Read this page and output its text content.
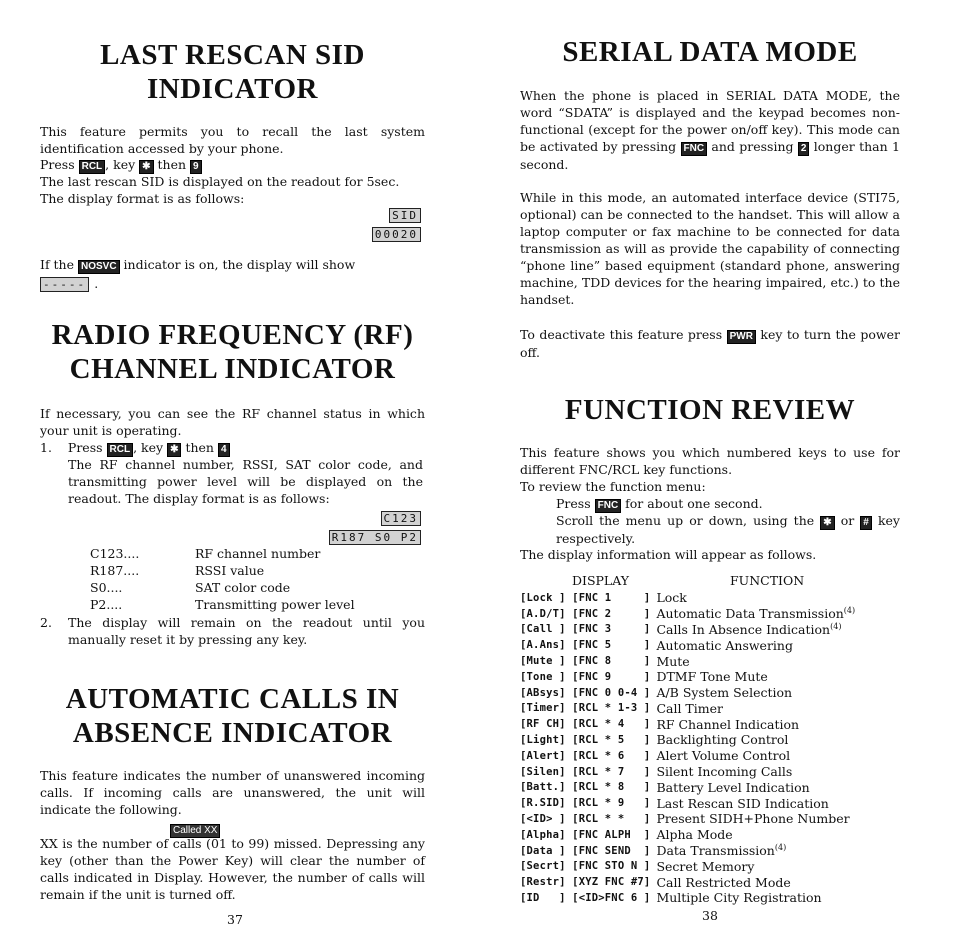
LAST RESCAN SID INDICATOR

This feature permits you to recall the last system identification accessed by your phone.

Press RCL , key ✱ then 9

The last rescan SID is displayed on the readout for 5sec. The display format is as follows:

SID
00020
If the NOSVC indicator is on, the display will show
----- .
RADIO FREQUENCY (RF) CHANNEL INDICATOR

If necessary, you can see the RF channel status in which your unit is operating.

1. Press RCL , key ✱ then 4

The RF channel number, RSSI, SAT color code, and transmitting power level will be displayed on the readout. The display format is as follows:

C123
R187 S0 P2
C123....	RF channel number
R187....	RSSI value
S0....	SAT color code
P2....	Transmitting power level
2. The display will remain on the readout until you manually reset it by pressing any key.

AUTOMATIC CALLS IN ABSENCE INDICATOR

This feature indicates the number of unanswered incoming calls. If incoming calls are unanswered, the unit will indicate the following.

Called XX

XX is the number of calls (01 to 99) missed. Depressing any key (other than the Power Key) will clear the number of calls indicated in Display. However, the number of calls will remain if the unit is turned off.

37
SERIAL DATA MODE
When the phone is placed in SERIAL DATA MODE, the word “SDATA” is displayed and the keypad becomes non-functional (except for the power on/off key). This mode can be activated by pressing FNC and pressing 2 longer than 1 second.

While in this mode, an automated interface device (STI75, optional) can be connected to the handset. This will allow a laptop computer or fax machine to be connected for data transmission as will as provide the capability of connecting “phone line” based equipment (standard phone, answering machine, TDD devices for the hearing impaired, etc.) to the handset.

To deactivate this feature press PWR key to turn the power off.
FUNCTION REVIEW

This feature shows you which numbered keys to use for different FNC/RCL key functions.

To review the function menu:

Press FNC for about one second.
Scroll the menu up or down, using the ✱ or # key respectively.

The display information will appear as follows.

DISPLAY	FUNCTION
[Lock ] [FNC 1     ]	Lock
[A.D/T] [FNC 2     ]	Automatic Data Transmission$^{(4)}$
[Call ] [FNC 3     ]	Calls In Absence Indication$^{(4)}$
[A.Ans] [FNC 5     ]	Automatic Answering
[Mute ] [FNC 8     ]	Mute
[Tone ] [FNC 9     ]	DTMF Tone Mute
[ABsys] [FNC 0 0-4 ]	A/B System Selection
[Timer] [RCL * 1-3 ]	Call Timer
[RF CH] [RCL * 4   ]	RF Channel Indication
[Light] [RCL * 5   ]	Backlighting Control
[Alert] [RCL * 6   ]	Alert Volume Control
[Silen] [RCL * 7   ]	Silent Incoming Calls
[Batt.] [RCL * 8   ]	Battery Level Indication
[R.SID] [RCL * 9   ]	Last Rescan SID Indication
[<ID> ] [RCL * *   ]	Present SIDH+Phone Number
[Alpha] [FNC ALPH  ]	Alpha Mode
[Data ] [FNC SEND  ]	Data Transmission$^{(4)}$
[Secrt] [FNC STO N ]	Secret Memory
[Restr] [XYZ FNC #7]	Call Restricted Mode
[ID   ] [<ID>FNC 6 ]	Multiple City Registration
38
